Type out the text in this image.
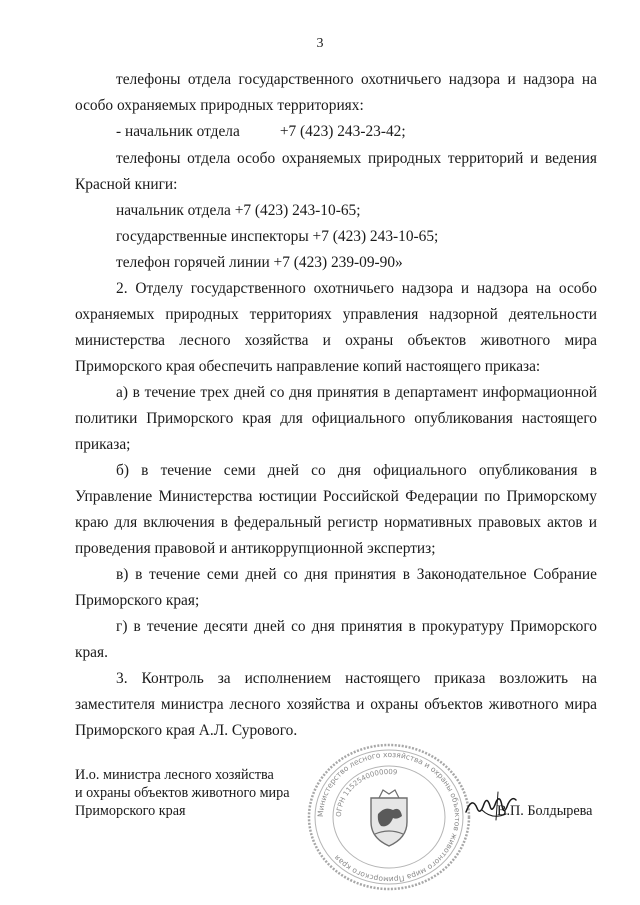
3
телефоны отдела государственного охотничьего надзора и надзора на
особо охраняемых природных территориях:
- начальник отдела	+7 (423) 243-23-42;
телефоны отдела особо охраняемых природных территорий и ведения
Красной книги:
начальник отдела +7 (423) 243-10-65;
государственные инспекторы +7 (423) 243-10-65;
телефон горячей линии +7 (423) 239-09-90»
2. Отделу государственного охотничьего надзора и надзора на особо
охраняемых природных территориях управления надзорной деятельности
министерства лесного хозяйства и охраны объектов животного мира
Приморского края обеспечить направление копий настоящего приказа:
а) в течение трех дней со дня принятия в департамент информационной
политики Приморского края для официального опубликования настоящего
приказа;
б) в течение семи дней со дня официального опубликования в
Управление Министерства юстиции Российской Федерации по Приморскому
краю для включения в федеральный регистр нормативных правовых актов и
проведения правовой и антикоррупционной экспертиз;
в) в течение семи дней со дня принятия в Законодательное Собрание
Приморского края;
г) в течение десяти дней со дня принятия в прокуратуру Приморского
края.
3. Контроль за исполнением настоящего приказа возложить на
заместителя министра лесного хозяйства и охраны объектов животного мира
Приморского края А.Л. Сурового.
И.о. министра лесного хозяйства
и охраны объектов животного мира
Приморского края	В.П. Болдырева
Министерство лесного хозяйства и охраны объектов животного мира Приморского края
ОГРН 1152540000009
